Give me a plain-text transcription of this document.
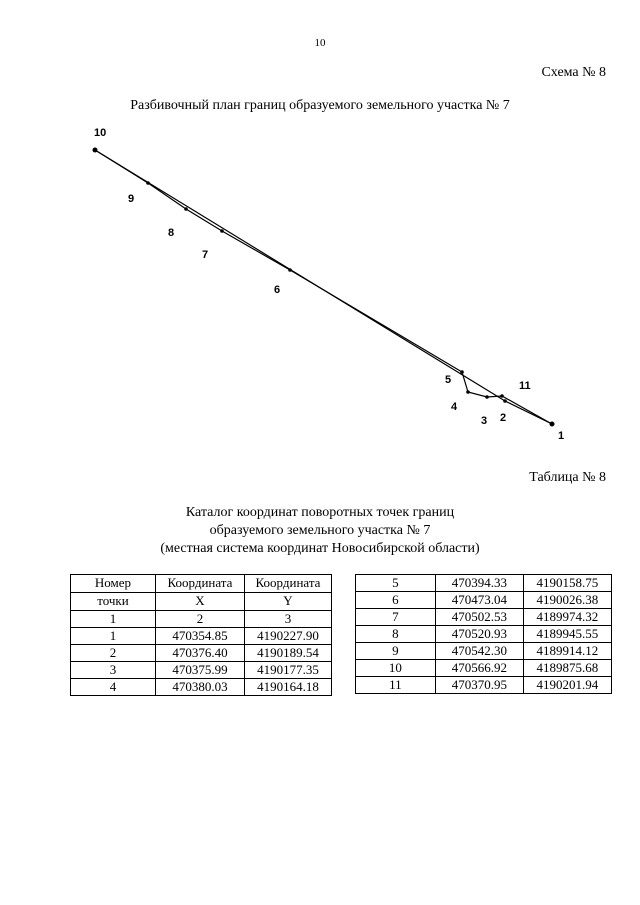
10
Схема № 8
Разбивочный план границ образуемого земельного участка № 7
10
9
8
7
6
5
4
3 2
11
1
Таблица № 8
Каталог координат поворотных точек границ
образуемого земельного участка № 7
(местная система координат Новосибирской области)
Номер	Координата	Координата
точки	X	Y
1	2	3
1	470354.85	4190227.90
2	470376.40	4190189.54
3	470375.99	4190177.35
4	470380.03	4190164.18
5	470394.33	4190158.75
6	470473.04	4190026.38
7	470502.53	4189974.32
8	470520.93	4189945.55
9	470542.30	4189914.12
10	470566.92	4189875.68
11	470370.95	4190201.94
